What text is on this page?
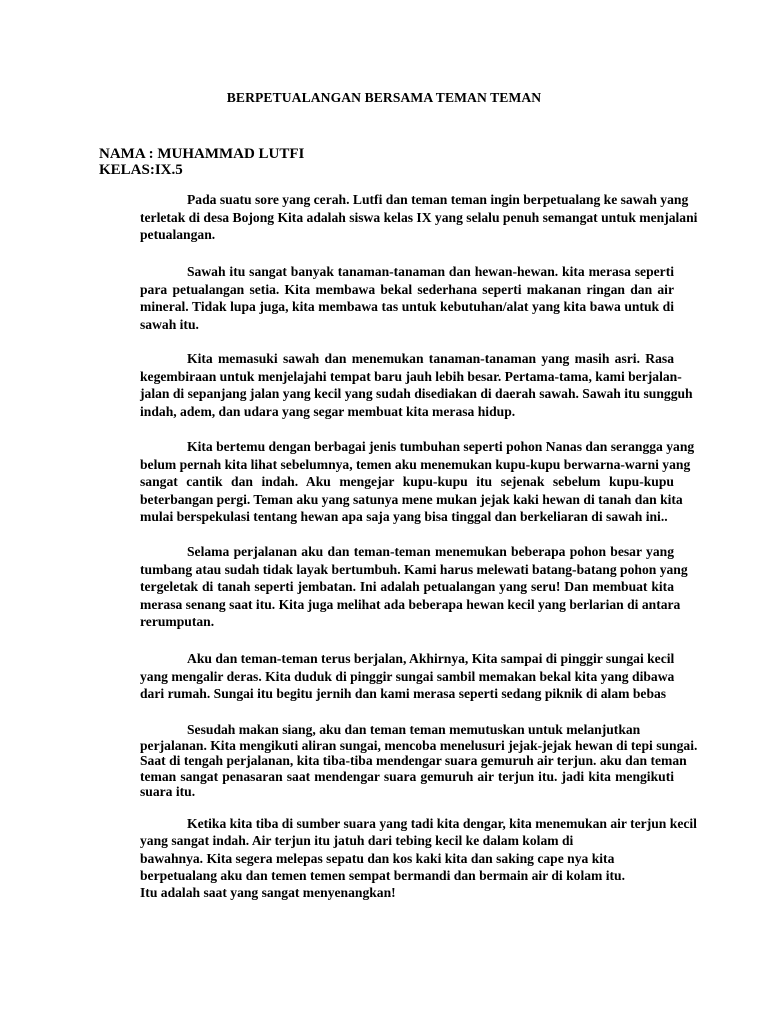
BERPETUALANGAN BERSAMA TEMAN TEMAN
NAMA : MUHAMMAD LUTFI
KELAS:IX.5
Pada suatu sore yang cerah. Lutfi dan teman teman ingin berpetualang ke sawah yang
terletak di desa Bojong Kita adalah siswa kelas IX yang selalu penuh semangat untuk menjalani
petualangan.
Sawah itu sangat banyak tanaman-tanaman dan hewan-hewan. kita merasa seperti
para petualangan setia. Kita membawa bekal sederhana seperti makanan ringan dan air
mineral. Tidak lupa juga, kita membawa tas untuk kebutuhan/alat yang kita bawa untuk di
sawah itu.
Kita memasuki sawah dan menemukan tanaman-tanaman yang masih asri. Rasa
kegembiraan untuk menjelajahi tempat baru jauh lebih besar. Pertama-tama, kami berjalan-
jalan di sepanjang jalan yang kecil yang sudah disediakan di daerah sawah. Sawah itu sungguh
indah, adem, dan udara yang segar membuat kita merasa hidup.
Kita bertemu dengan berbagai jenis tumbuhan seperti pohon Nanas dan serangga yang
belum pernah kita lihat sebelumnya, temen aku menemukan kupu-kupu berwarna-warni yang
sangat cantik dan indah. Aku mengejar kupu-kupu itu sejenak sebelum kupu-kupu
beterbangan pergi. Teman aku yang satunya mene mukan jejak kaki hewan di tanah dan kita
mulai berspekulasi tentang hewan apa saja yang bisa tinggal dan berkeliaran di sawah ini..
Selama perjalanan aku dan teman-teman menemukan beberapa pohon besar yang
tumbang atau sudah tidak layak bertumbuh. Kami harus melewati batang-batang pohon yang
tergeletak di tanah seperti jembatan. Ini adalah petualangan yang seru! Dan membuat kita
merasa senang saat itu. Kita juga melihat ada beberapa hewan kecil yang berlarian di antara
rerumputan.
Aku dan teman-teman terus berjalan, Akhirnya, Kita sampai di pinggir sungai kecil
yang mengalir deras. Kita duduk di pinggir sungai sambil memakan bekal kita yang dibawa
dari rumah. Sungai itu begitu jernih dan kami merasa seperti sedang piknik di alam bebas
Sesudah makan siang, aku dan teman teman memutuskan untuk melanjutkan
perjalanan. Kita mengikuti aliran sungai, mencoba menelusuri jejak-jejak hewan di tepi sungai.
Saat di tengah perjalanan, kita tiba-tiba mendengar suara gemuruh air terjun. aku dan teman
teman sangat penasaran saat mendengar suara gemuruh air terjun itu. jadi kita mengikuti
suara itu.
Ketika kita tiba di sumber suara yang tadi kita dengar, kita menemukan air terjun kecil
yang sangat indah. Air terjun itu jatuh dari tebing kecil ke dalam kolam di
bawahnya. Kita segera melepas sepatu dan kos kaki kita dan saking cape nya kita
berpetualang aku dan temen temen sempat bermandi dan bermain air di kolam itu.
Itu adalah saat yang sangat menyenangkan!
